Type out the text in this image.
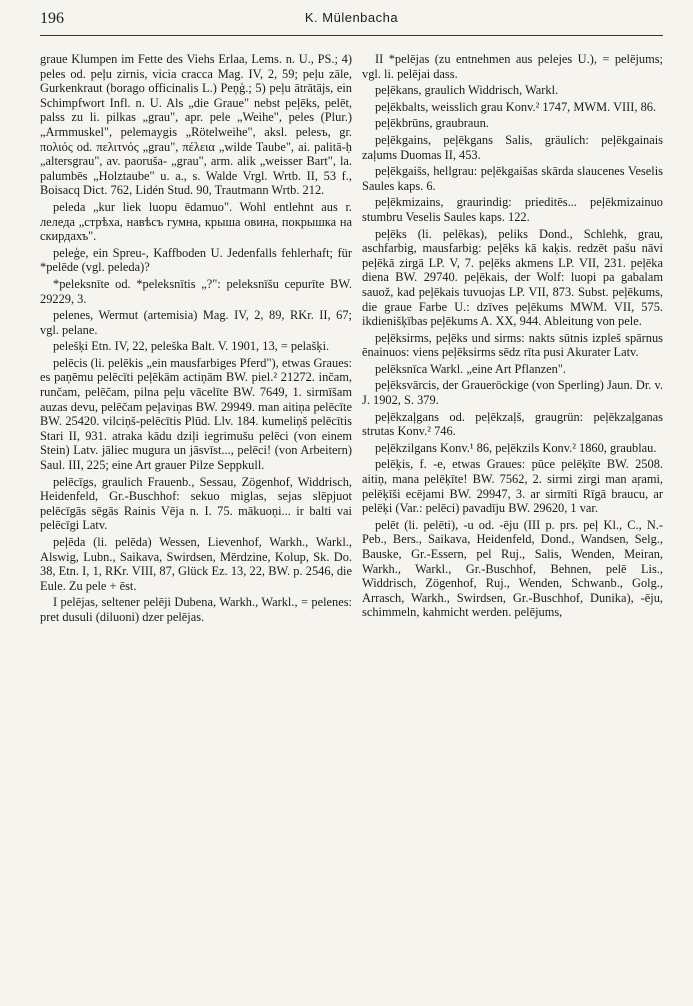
196	K. Mülenbacha

graue Klumpen im Fette des Viehs Erlaa, Lems. n. U., PS.; 4) peles od. peļu zirnis, vicia cracca Mag. IV, 2, 59; peļu zāle, Gurkenkraut (borago officinalis L.) Peņģ.; 5) peļu ātrātājs, ein Schimpfwort Infl. n. U. Als „die Graue" nebst peļēks, pelēt, palss zu li. pilkas „grau", apr. pele „Weihe", peles (Plur.) „Armmuskel", pelemaygis „Rötelweihe", aksl. pelesъ, gr. πολιός od. πελιτνός „grau", πέλεια „wilde Taube", ai. palitā-ḥ „altersgrau", av. paoruša- „grau", arm. alik „weisser Bart", la. palumbēs „Holztaube" u. a., s. Walde Vrgl. Wrtb. II, 53 f., Boisacq Dict. 762, Lidén Stud. 90, Trautmann Wrtb. 212.

peleda „kur liek luopu ēdamuo". Wohl entlehnt aus r. леледа „стрѣха, навѣсъ гумна, крыша овина, покрышка на скирдахъ".

peleģe, ein Spreu-, Kaffboden U. Jedenfalls fehlerhaft; für *pelēde (vgl. peleda)?

*peleksnīte od. *peleksnītis „?": peleksnīšu cepurīte BW. 29229, 3.

pelenes, Wermut (artemisia) Mag. IV, 2, 89, RKr. II, 67; vgl. pelane.

pelešķi Etn. IV, 22, peleška Balt. V. 1901, 13, = pelašķi.

pelēcis (li. pelēkis „ein mausfarbiges Pferd"), etwas Graues: es paņēmu pelēcīti peļēkām actiņām BW. piel.² 21272. inčam, runčam, pelēčam, pilna peļu vācelīte BW. 7649, 1. sirmīšam auzas devu, pelēčam peļaviņas BW. 29949. man aitiņa pelēcīte BW. 25420. vilciņš-pelēcītis Plūd. Llv. 184. kumeliņš pelēcītis Stari II, 931. atraka kādu dziļi iegrimušu pelēci (von einem Stein) Latv. jāliec mugura un jāsvīst..., pelēci! (von Arbeitern) Saul. III, 225; eine Art grauer Pilze Seppkull.

pelēcīgs, graulich Frauenb., Sessau, Zögenhof, Widdrisch, Heidenfeld, Gr.-Buschhof: sekuo miglas, sejas slēpjuot pelēcīgās sēgās Rainis Vēja n. I. 75. mākuoņi... ir balti vai pelēcīgi Latv.

peļēda (li. pelēda) Wessen, Lievenhof, Warkh., Warkl., Alswig, Lubn., Saikava, Swirdsen, Mērdzine, Kolup, Sk. Do. 38, Etn. I, 1, RKr. VIII, 87, Glück Ez. 13, 22, BW. p. 2546, die Eule. Zu pele + ēst.

I pelējas, seltener pelēji Dubena, Warkh., Warkl., = pelenes: pret dusuli (diluoni) dzer pelējas.

II *pelējas (zu entnehmen aus pelejes U.), = pelējums; vgl. li. pelējai dass.

peļēkans, graulich Widdrisch, Warkl.

peļēkbalts, weisslich grau Konv.² 1747, MWM. VIII, 86.

peļēkbrūns, graubraun.

peļēkgains, peļēkgans Salis, gräulich: peļēkgainais zaļums Duomas II, 453.

peļēkgaišs, hellgrau: peļēkgaišas skārda slaucenes Veselis Saules kaps. 6.

peļēkmizains, graurindig: prieditēs... peļēkmizainuo stumbru Veselis Saules kaps. 122.

peļēks (li. pelēkas), peliks Dond., Schlehk, grau, aschfarbig, mausfarbig: peļēks kā kaķis. redzēt pašu nāvi peļēkā zirgā LP. V, 7. peļēks akmens LP. VII, 231. peļēka diena BW. 29740. peļēkais, der Wolf: luopi pa gabalam sauož, kad peļēkais tuvuojas LP. VII, 873. Subst. peļēkums, die graue Farbe U.: dzīves peļēkums MWM. VII, 575. ikdienišķības peļēkums A. XX, 944. Ableitung von pele.

peļēksirms, peļēks und sirms: nakts sūtnis izpleš spārnus ēnainuos: viens peļēksirms sēdz rīta pusi Akurater Latv.

pelēksnīca Warkl. „eine Art Pflanzen".

peļēksvārcis, der Graueröckige (von Sperling) Jaun. Dr. v. J. 1902, S. 379.

peļēkzaļgans od. peļēkzaļš, graugrün: peļēkzaļganas strutas Konv.² 746.

peļēkzilgans Konv.¹ 86, peļēkzils Konv.² 1860, graublau.

pelēķis, f. -e, etwas Graues: pūce pelēķīte BW. 2508. aitiņ, mana pelēķīte! BW. 7562, 2. sirmi zirgi man aŗami, pelēķīši ecējami BW. 29947, 3. ar sirmīti Rīgā braucu, ar pelēķi (Var.: pelēci) pavadīju BW. 29620, 1 var.

pelēt (li. pelēti), -u od. -ēju (III p. prs. peļ Kl., C., N.-Peb., Bers., Saikava, Heidenfeld, Dond., Wandsen, Selg., Bauske, Gr.-Essern, pel Ruj., Salis, Wenden, Meiran, Warkh., Warkl., Gr.-Buschhof, Behnen, pelē Lis., Widdrisch, Zögenhof, Ruj., Wenden, Schwanb., Golg., Arrasch, Warkh., Swirdsen, Gr.-Buschhof, Dunika), -ēju, schimmeln, kahmicht werden. pelējums,
